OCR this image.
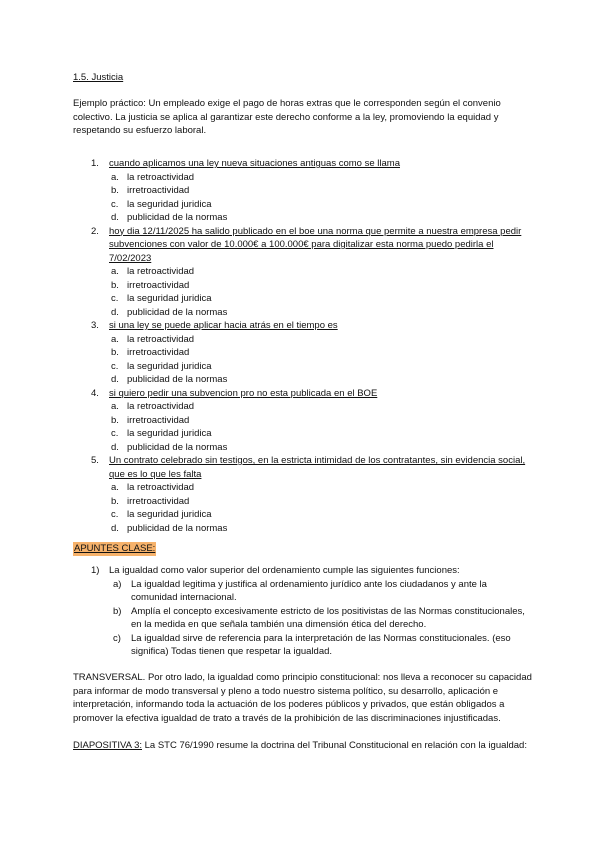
1.5. Justicia
Ejemplo práctico: Un empleado exige el pago de horas extras que le corresponden según el convenio colectivo. La justicia se aplica al garantizar este derecho conforme a la ley, promoviendo la equidad y respetando su esfuerzo laboral.
1. cuando aplicamos una ley nueva situaciones antiguas como se llama
a. la retroactividad
b. irretroactividad
c. la seguridad juridica
d. publicidad de la normas
2. hoy dia 12/11/2025 ha salido publicado en el boe una norma que permite a nuestra empresa pedir subvenciones con valor de 10.000€ a 100.000€ para digitalizar esta norma puedo pedirla el 7/02/2023
a. la retroactividad
b. irretroactividad
c. la seguridad juridica
d. publicidad de la normas
3. si una ley se puede aplicar hacia atrás en el tiempo es
a. la retroactividad
b. irretroactividad
c. la seguridad juridica
d. publicidad de la normas
4. si quiero pedir una subvencion pro no esta publicada en el BOE
a. la retroactividad
b. irretroactividad
c. la seguridad juridica
d. publicidad de la normas
5. Un contrato celebrado sin testigos, en la estricta intimidad de los contratantes, sin evidencia social, que es lo que les falta
a. la retroactividad
b. irretroactividad
c. la seguridad juridica
d. publicidad de la normas
APUNTES CLASE:
1) La igualdad como valor superior del ordenamiento cumple las siguientes funciones:
a) La igualdad legitima y justifica al ordenamiento jurídico ante los ciudadanos y ante la comunidad internacional.
b) Amplía el concepto excesivamente estricto de los positivistas de las Normas constitucionales, en la medida en que señala también una dimensión ética del derecho.
c) La igualdad sirve de referencia para la interpretación de las Normas constitucionales. (eso significa) Todas tienen que respetar la igualdad.
TRANSVERSAL. Por otro lado, la igualdad como principio constitucional: nos lleva a reconocer su capacidad para informar de modo transversal y pleno a todo nuestro sistema político, su desarrollo, aplicación e interpretación, informando toda la actuación de los poderes públicos y privados, que están obligados a promover la efectiva igualdad de trato a través de la prohibición de las discriminaciones injustificadas.
DIAPOSITIVA 3: La STC 76/1990 resume la doctrina del Tribunal Constitucional en relación con la igualdad:
